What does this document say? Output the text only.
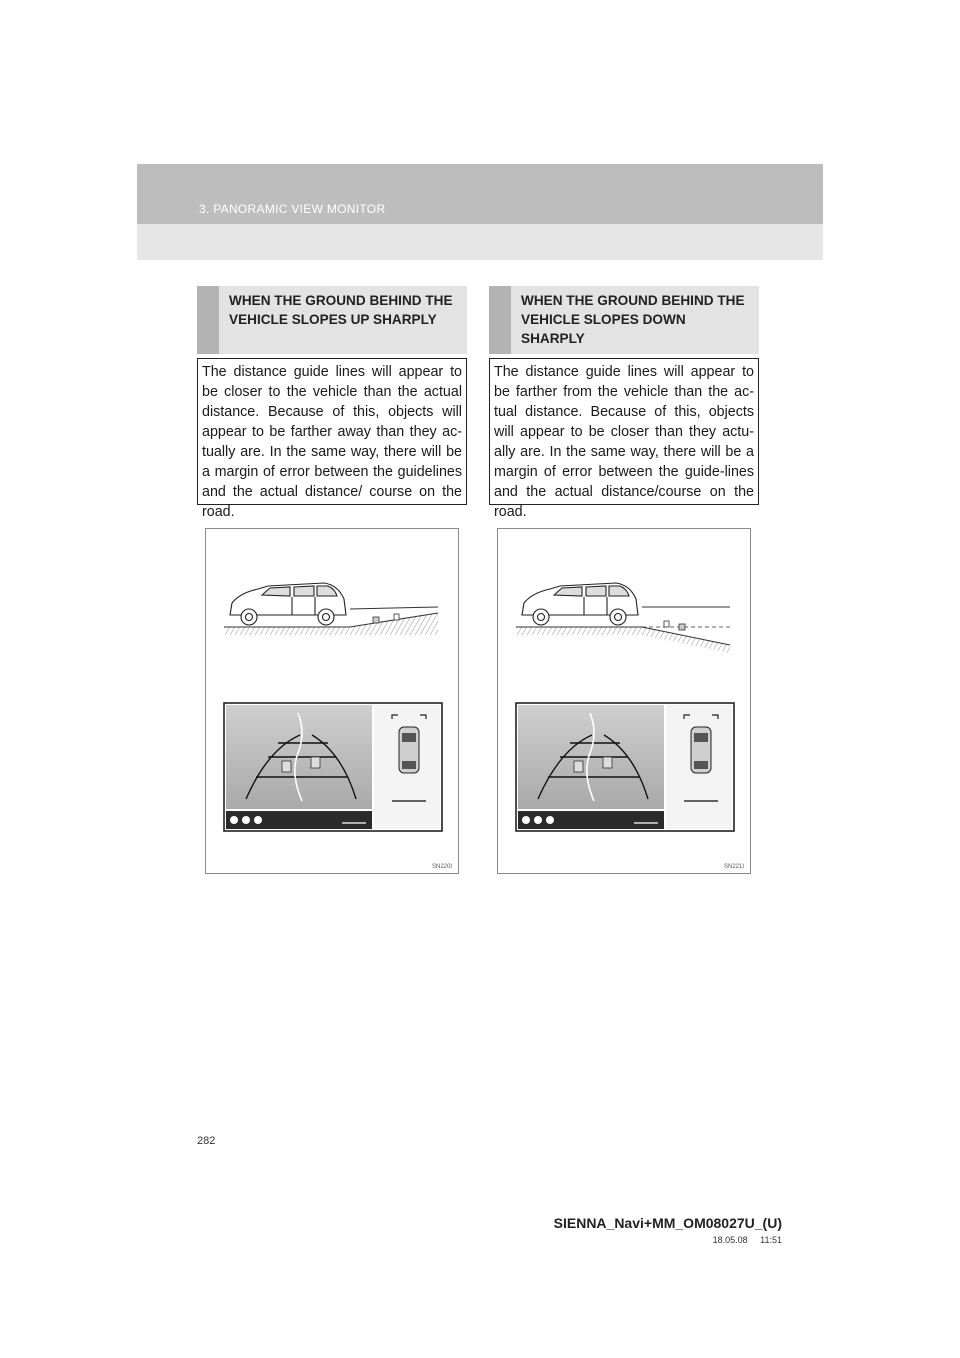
3. PANORAMIC VIEW MONITOR
WHEN THE GROUND BEHIND THE VEHICLE SLOPES UP SHARPLY
The distance guide lines will appear to be closer to the vehicle than the actual distance. Because of this, objects will appear to be farther away than they ac-tually are. In the same way, there will be a margin of error between the guidelines and the actual distance/ course on the road.
WHEN THE GROUND BEHIND THE VEHICLE SLOPES DOWN SHARPLY
The distance guide lines will appear to be farther from the vehicle than the ac-tual distance. Because of this, objects will appear to be closer than they actu-ally are. In the same way, there will be a margin of error between the guide-lines and the actual distance/course on the road.
SN220I	SN221I
282
SIENNA_Navi+MM_OM08027U_(U)
18.05.08     11:51
